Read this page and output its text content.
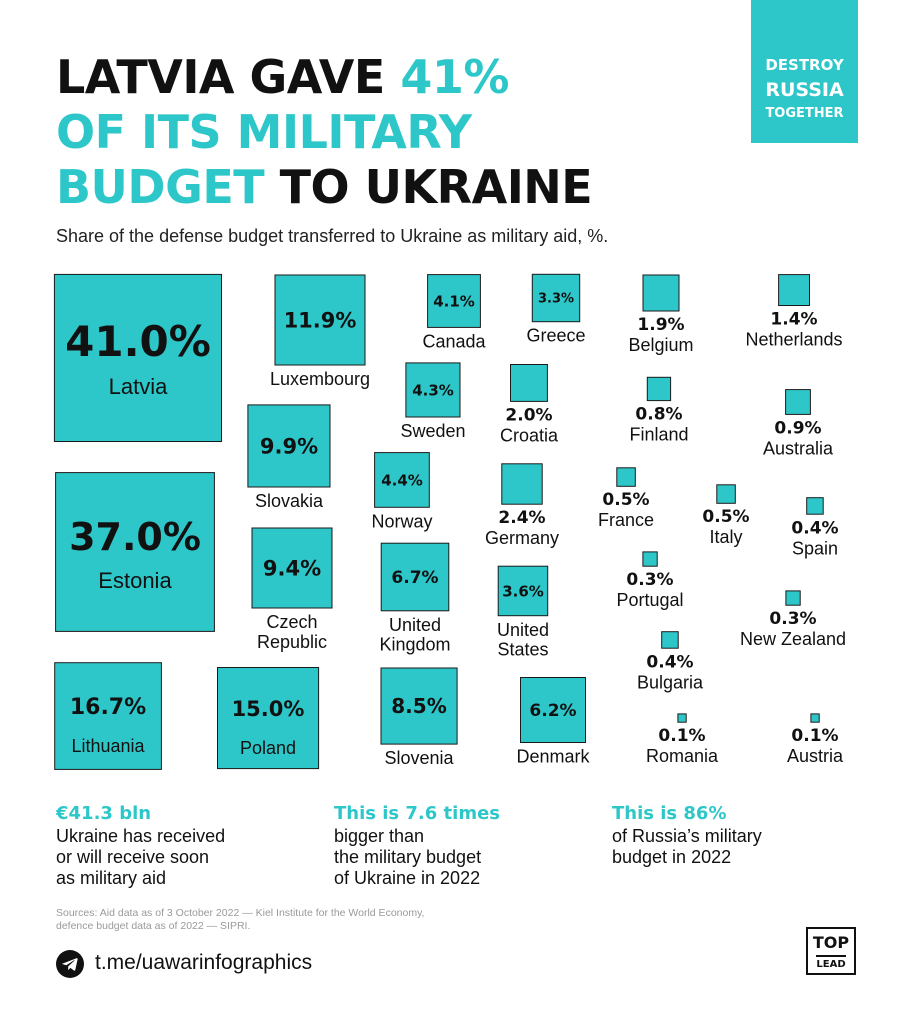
LATVIA GAVE 41%
OF ITS MILITARY
BUDGET TO UKRAINE
DESTROY
RUSSIA
TOGETHER
Share of the defense budget transferred to Ukraine as military aid, %.
41.0%
Latvia
37.0%
Estonia
16.7%
Lithuania
15.0%
Poland
11.9%
Luxembourg
9.9%
Slovakia
9.4%
Czech Republic
8.5%
Slovenia
6.7%
United Kingdom
6.2%
Denmark
4.4%
Norway
4.3%
Sweden
4.1%
Canada
3.6%
United States
3.3%
Greece
2.4%
Germany
2.0%
Croatia
1.9%
Belgium
1.4%
Netherlands
0.9%
Australia
0.8%
Finland
0.5%
France	0.5%
Italy	0.4%
Spain
0.4%
Bulgaria
0.3%
Portugal
0.3%
New Zealand
0.1%
Romania
0.1%
Austria
€41.3 bln
Ukraine has received
or will receive soon
as military aid
This is 7.6 times
bigger than
the military budget
of Ukraine in 2022
This is 86%
of Russia’s military
budget in 2022
Sources: Aid data as of 3 October 2022 — Kiel Institute for the World Economy,
defence budget data as of 2022 — SIPRI.
t.me/uawarinfographics
TOP
LEAD
